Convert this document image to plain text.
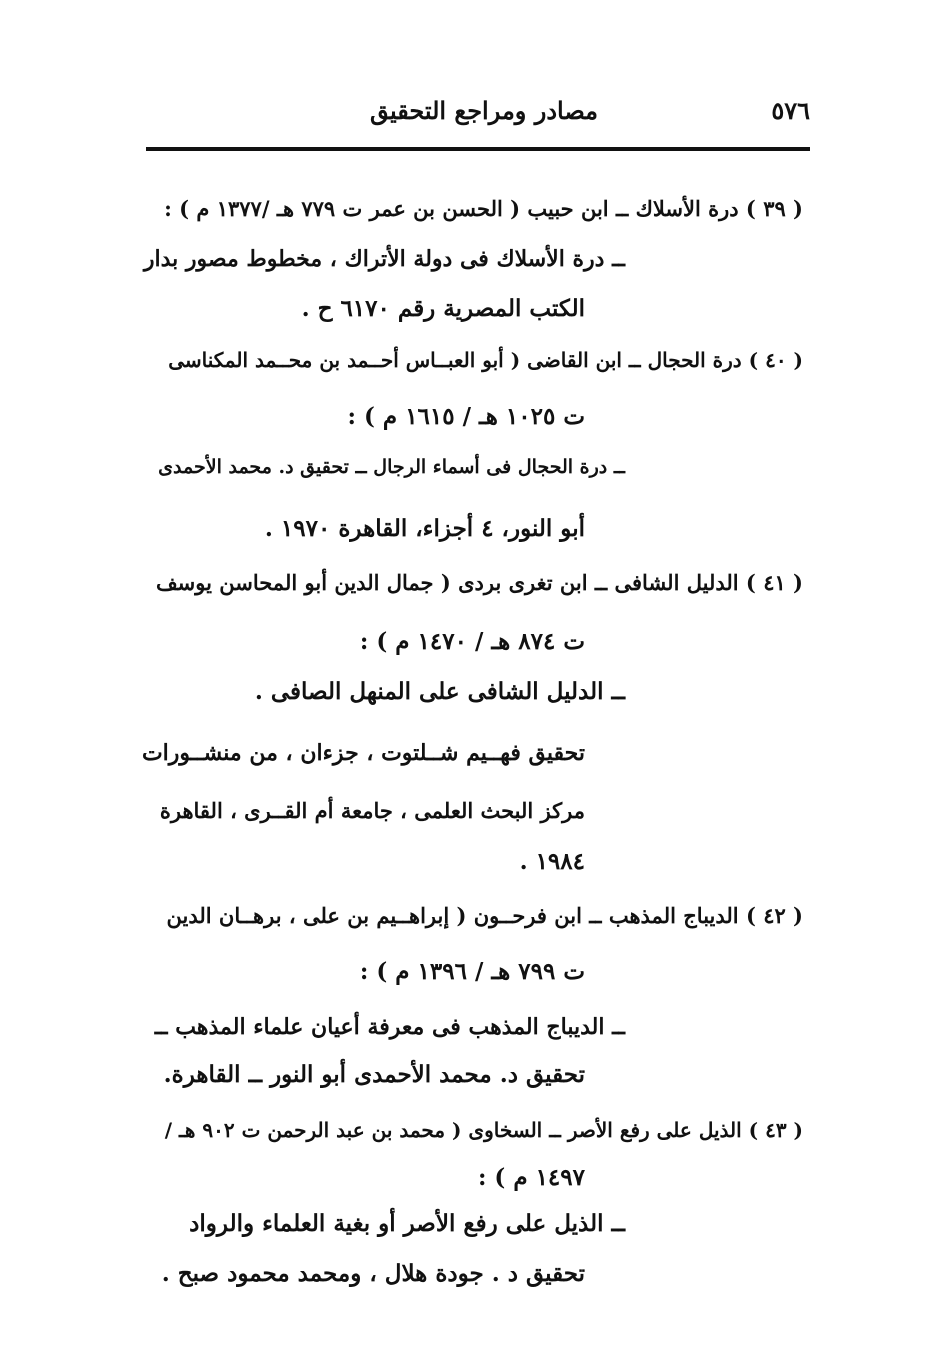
٥٧٦
مصادر ومراجع التحقيق
( ٣٩ ) درة الأسلاك ــ ابن حبيب ( الحسن بن عمر ت ٧٧٩ هـ /١٣٧٧ م ) :
ــ درة الأسلاك فى دولة الأتراك ، مخطوط مصور بدار
الكتب المصرية رقم ٦١٧٠ ح .
( ٤٠ ) درة الحجال ــ ابن القاضى ( أبو العبــاس أحــمد بن محــمد المكناسى
ت ١٠٢٥ هـ / ١٦١٥ م ) :
ــ درة الحجال فى أسماء الرجال ــ تحقيق د. محمد الأحمدى
أبو النور، ٤ أجزاء، القاهرة ١٩٧٠ .
( ٤١ ) الدليل الشافى ــ ابن تغرى بردى ( جمال الدين أبو المحاسن يوسف
ت ٨٧٤ هـ / ١٤٧٠ م ) :
ــ الدليل الشافى على المنهل الصافى .
تحقيق فهــيم شــلتوت ، جزءان ، من منشــورات
مركز البحث العلمى ، جامعة أم القــرى ، القاهرة
١٩٨٤ .
( ٤٢ ) الديباج المذهب ــ ابن فرحــون ( إبراهــيم بن على ، برهــان الدين
ت ٧٩٩ هـ / ١٣٩٦ م ) :
ــ الديباج المذهب فى معرفة أعيان علماء المذهب ــ
تحقيق د. محمد الأحمدى أبو النور ــ القاهرة.
( ٤٣ ) الذيل على رفع الأصر ــ السخاوى ( محمد بن عبد الرحمن ت ٩٠٢ هـ /
١٤٩٧ م ) :
ــ الذيل على رفع الأصر أو بغية العلماء والرواد
تحقيق د . جودة هلال ، ومحمد محمود صبح .
